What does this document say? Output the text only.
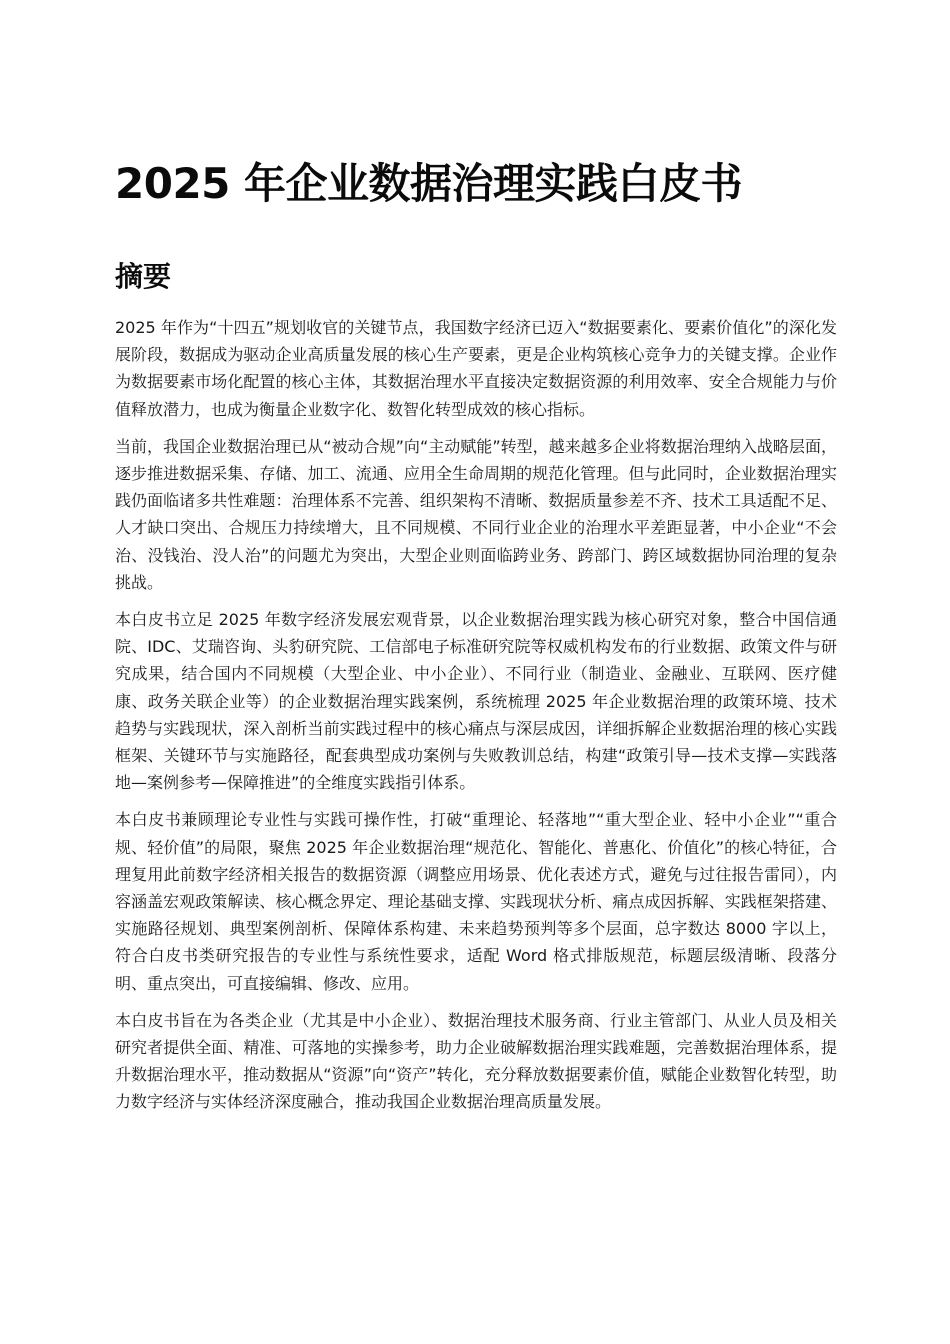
2025 年企业数据治理实践白皮书
摘要

2025 年作为“十四五”规划收官的关键节点，我国数字经济已迈入“数据要素化、要素价值化”的深化发展阶段，数据成为驱动企业高质量发展的核心生产要素，更是企业构筑核心竞争力的关键支撑。企业作为数据要素市场化配置的核心主体，其数据治理水平直接决定数据资源的利用效率、安全合规能力与价值释放潜力，也成为衡量企业数字化、数智化转型成效的核心指标。

当前，我国企业数据治理已从“被动合规”向“主动赋能”转型，越来越多企业将数据治理纳入战略层面，逐步推进数据采集、存储、加工、流通、应用全生命周期的规范化管理。但与此同时，企业数据治理实践仍面临诸多共性难题：治理体系不完善、组织架构不清晰、数据质量参差不齐、技术工具适配不足、人才缺口突出、合规压力持续增大，且不同规模、不同行业企业的治理水平差距显著，中小企业“不会治、没钱治、没人治”的问题尤为突出，大型企业则面临跨业务、跨部门、跨区域数据协同治理的复杂挑战。

本白皮书立足 2025 年数字经济发展宏观背景，以企业数据治理实践为核心研究对象，整合中国信通院、IDC、艾瑞咨询、头豹研究院、工信部电子标准研究院等权威机构发布的行业数据、政策文件与研究成果，结合国内不同规模（大型企业、中小企业）、不同行业（制造业、金融业、互联网、医疗健康、政务关联企业等）的企业数据治理实践案例，系统梳理 2025 年企业数据治理的政策环境、技术趋势与实践现状，深入剖析当前实践过程中的核心痛点与深层成因，详细拆解企业数据治理的核心实践框架、关键环节与实施路径，配套典型成功案例与失败教训总结，构建“政策引导—技术支撑—实践落地—案例参考—保障推进”的全维度实践指引体系。

本白皮书兼顾理论专业性与实践可操作性，打破“重理论、轻落地”“重大型企业、轻中小企业”“重合规、轻价值”的局限，聚焦 2025 年企业数据治理“规范化、智能化、普惠化、价值化”的核心特征，合理复用此前数字经济相关报告的数据资源（调整应用场景、优化表述方式，避免与过往报告雷同），内容涵盖宏观政策解读、核心概念界定、理论基础支撑、实践现状分析、痛点成因拆解、实践框架搭建、实施路径规划、典型案例剖析、保障体系构建、未来趋势预判等多个层面，总字数达 8000 字以上，符合白皮书类研究报告的专业性与系统性要求，适配 Word 格式排版规范，标题层级清晰、段落分明、重点突出，可直接编辑、修改、应用。

本白皮书旨在为各类企业（尤其是中小企业）、数据治理技术服务商、行业主管部门、从业人员及相关研究者提供全面、精准、可落地的实操参考，助力企业破解数据治理实践难题，完善数据治理体系，提升数据治理水平，推动数据从“资源”向“资产”转化，充分释放数据要素价值，赋能企业数智化转型，助力数字经济与实体经济深度融合，推动我国企业数据治理高质量发展。
